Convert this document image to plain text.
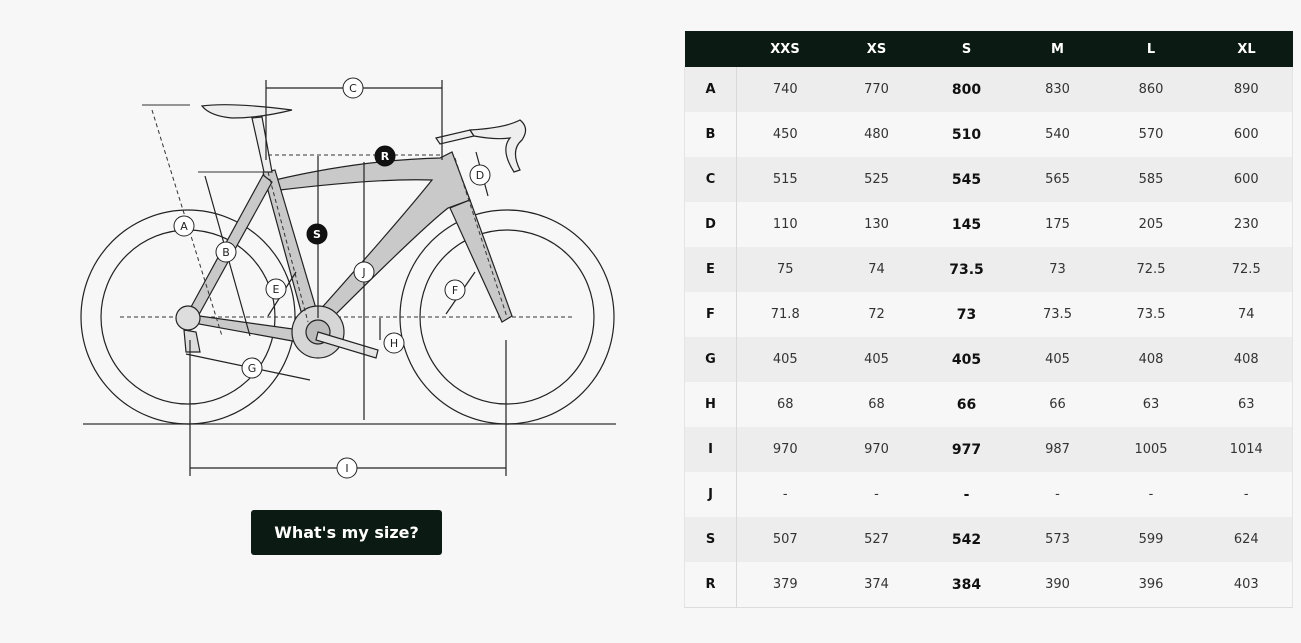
C
A
B
E
G
I
J
H
F
D
S
R
What's my size?
	XXS	XS	S	M	L	XL
A	740	770	800	830	860	890
B	450	480	510	540	570	600
C	515	525	545	565	585	600
D	110	130	145	175	205	230
E	75	74	73.5	73	72.5	72.5
F	71.8	72	73	73.5	73.5	74
G	405	405	405	405	408	408
H	68	68	66	66	63	63
I	970	970	977	987	1005	1014
J	-	-	-	-	-	-
S	507	527	542	573	599	624
R	379	374	384	390	396	403
